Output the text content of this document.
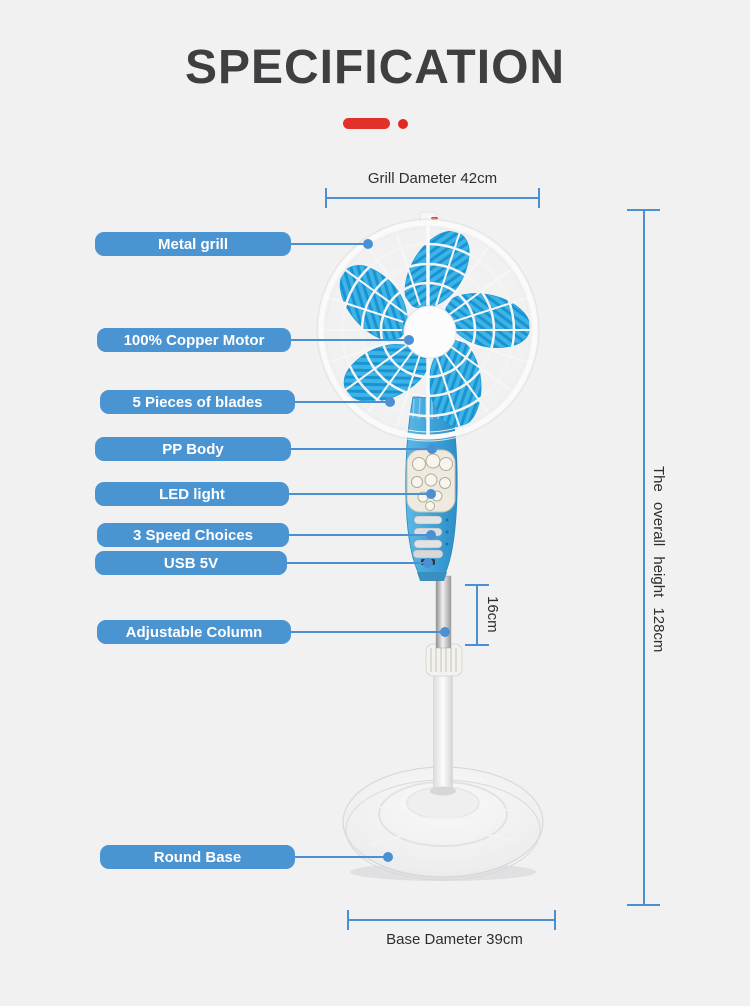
SPECIFICATION
Grill Dameter 42cm
The overall height 128cm
16cm
Base Dameter 39cm
Metal grill
100% Copper Motor
5 Pieces of blades
PP Body
LED light
3 Speed Choices
USB 5V
Adjustable Column
Round Base
